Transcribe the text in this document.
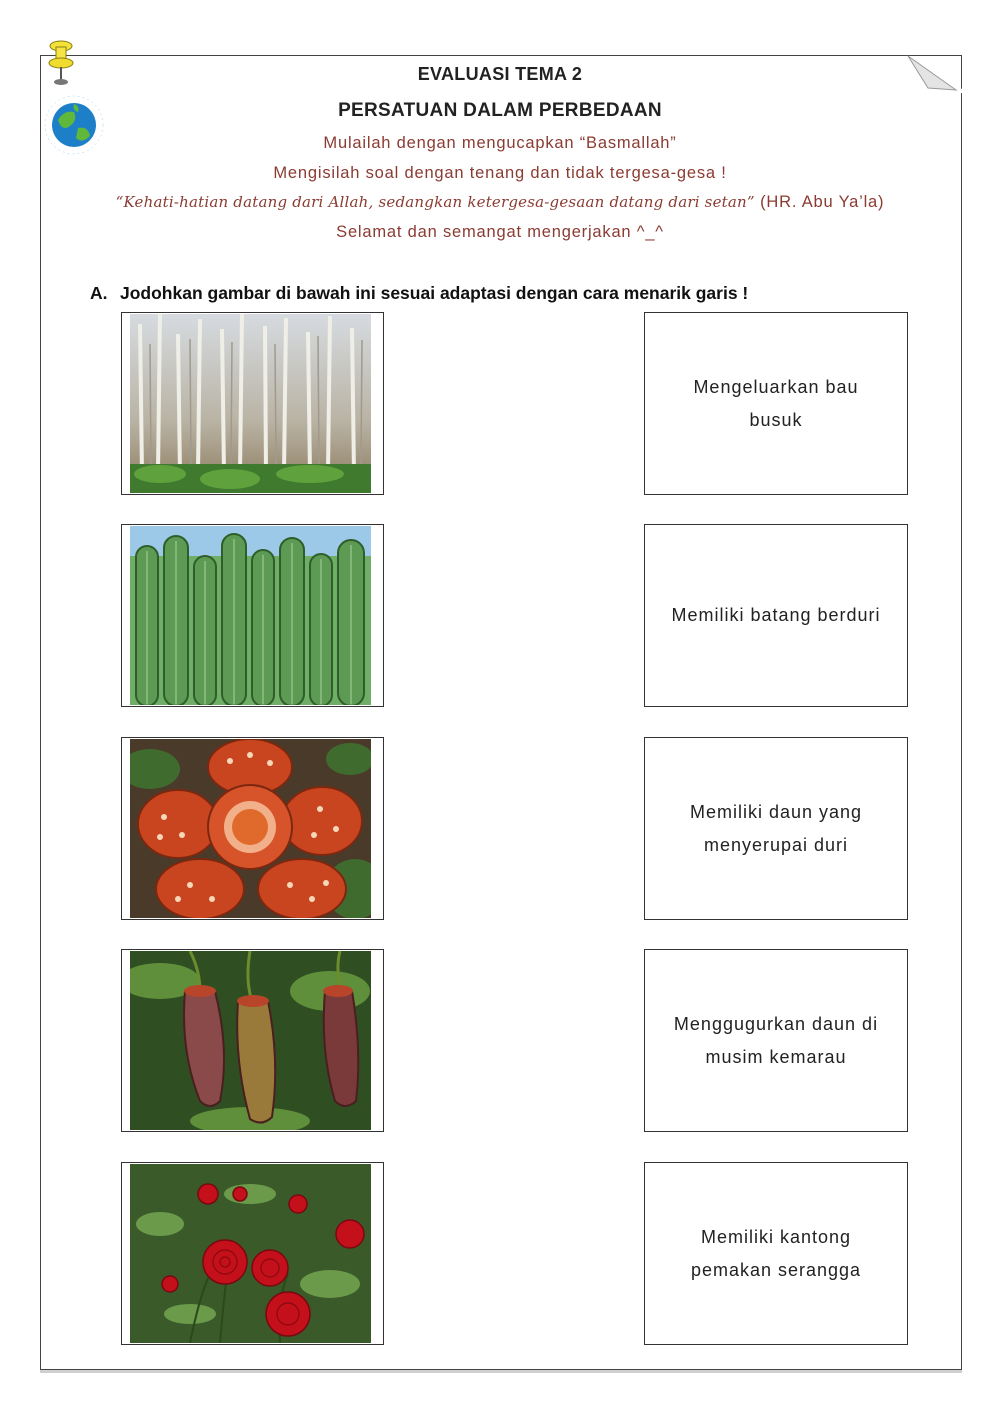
EVALUASI TEMA 2
PERSATUAN DALAM PERBEDAAN
Mulailah dengan mengucapkan “Basmallah”
Mengisilah soal dengan tenang dan tidak tergesa-gesa !
“Kehati-hatian datang dari Allah, sedangkan ketergesa-gesaan datang dari setan” (HR. Abu Ya’la)
Selamat dan semangat mengerjakan ^_^
A. Jodohkan gambar di bawah ini sesuai adaptasi dengan cara menarik garis !
Mengeluarkan bau busuk
Memiliki batang berduri
Memiliki daun yang menyerupai duri
Menggugurkan daun di musim kemarau
Memiliki kantong pemakan serangga
